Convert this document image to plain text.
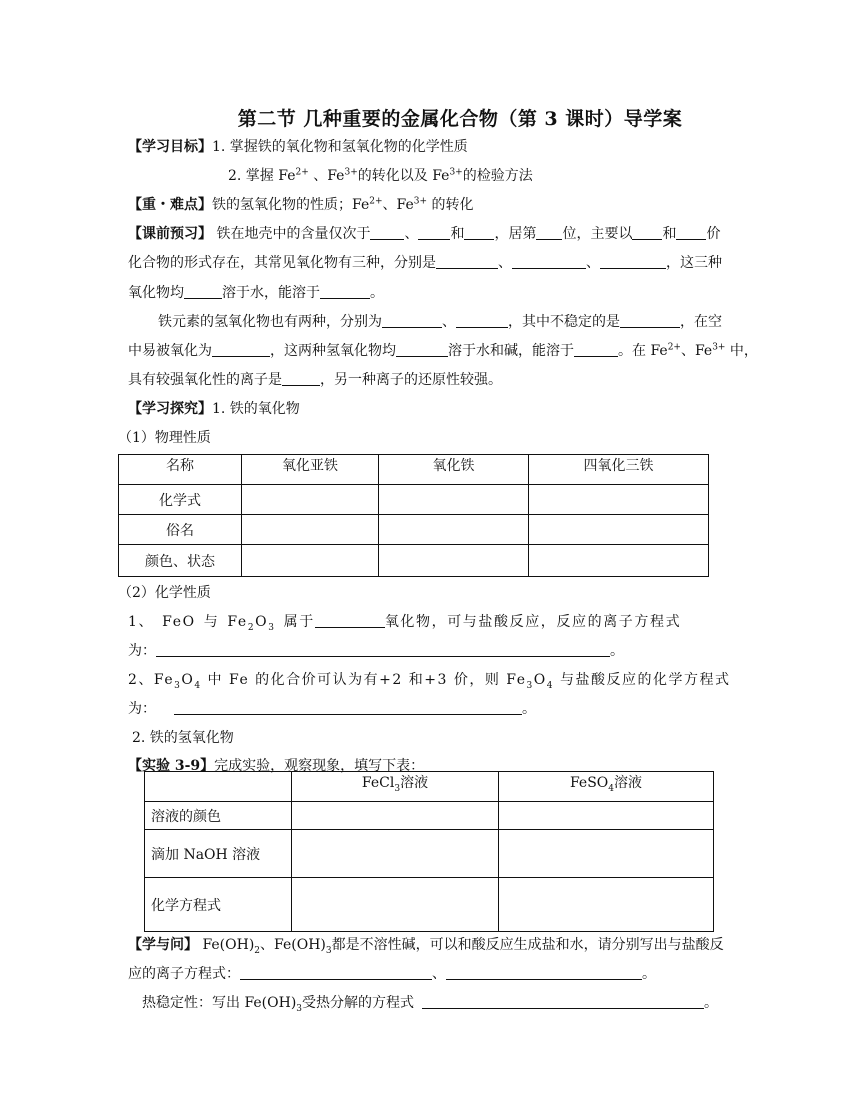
第二节 几种重要的金属化合物（第 3 课时）导学案
【学习目标】1. 掌握铁的氧化物和氢氧化物的化学性质
2. 掌握 $Fe^{2+}$ 、$Fe^{3+}$的转化以及 $Fe^{3+}$的检验方法
【重・难点】铁的氢氧化物的性质；$Fe^{2+}$、$Fe^{3+}$ 的转化
【课前预习】 铁在地壳中的含量仅次于 、 和 ，居第 位，主要以 和 价
化合物的形式存在，其常见氧化物有三种，分别是	、	、	，这三种
氧化物均	溶于水，能溶于	。
铁元素的氢氧化物也有两种，分别为	、	，其中不稳定的是	，在空
中易被氧化为	，这两种氢氧化物均	溶于水和碱，能溶于	。在 $Fe^{2+}$、$Fe^{3+}$ 中，
具有较强氧化性的离子是	，另一种离子的还原性较强。
【学习探究】1. 铁的氧化物
（1）物理性质
名称	氧化亚铁	氧化铁	四氧化三铁
化学式			
俗名			
颜色、状态			
（2）化学性质
1、 FeO 与 $Fe_2O_3$ 属于	氧化物，可与盐酸反应，反应的离子方程式
为：	。
2、$Fe_3O_4$ 中 Fe 的化合价可认为有+2 和+3 价，则 $Fe_3O_4$ 与盐酸反应的化学方程式
为：	。
2. 铁的氢氧化物
【实验 3-9】完成实验，观察现象，填写下表：
	FeCl$_3$溶液	FeSO$_4$溶液
溶液的颜色		
滴加 NaOH 溶液		
化学方程式		
【学与问】 $Fe(OH)_2$、$Fe(OH)_3$都是不溶性碱，可以和酸反应生成盐和水，请分别写出与盐酸反
应的离子方程式：	、	。
热稳定性：写出 $Fe(OH)_3$受热分解的方程式	。
